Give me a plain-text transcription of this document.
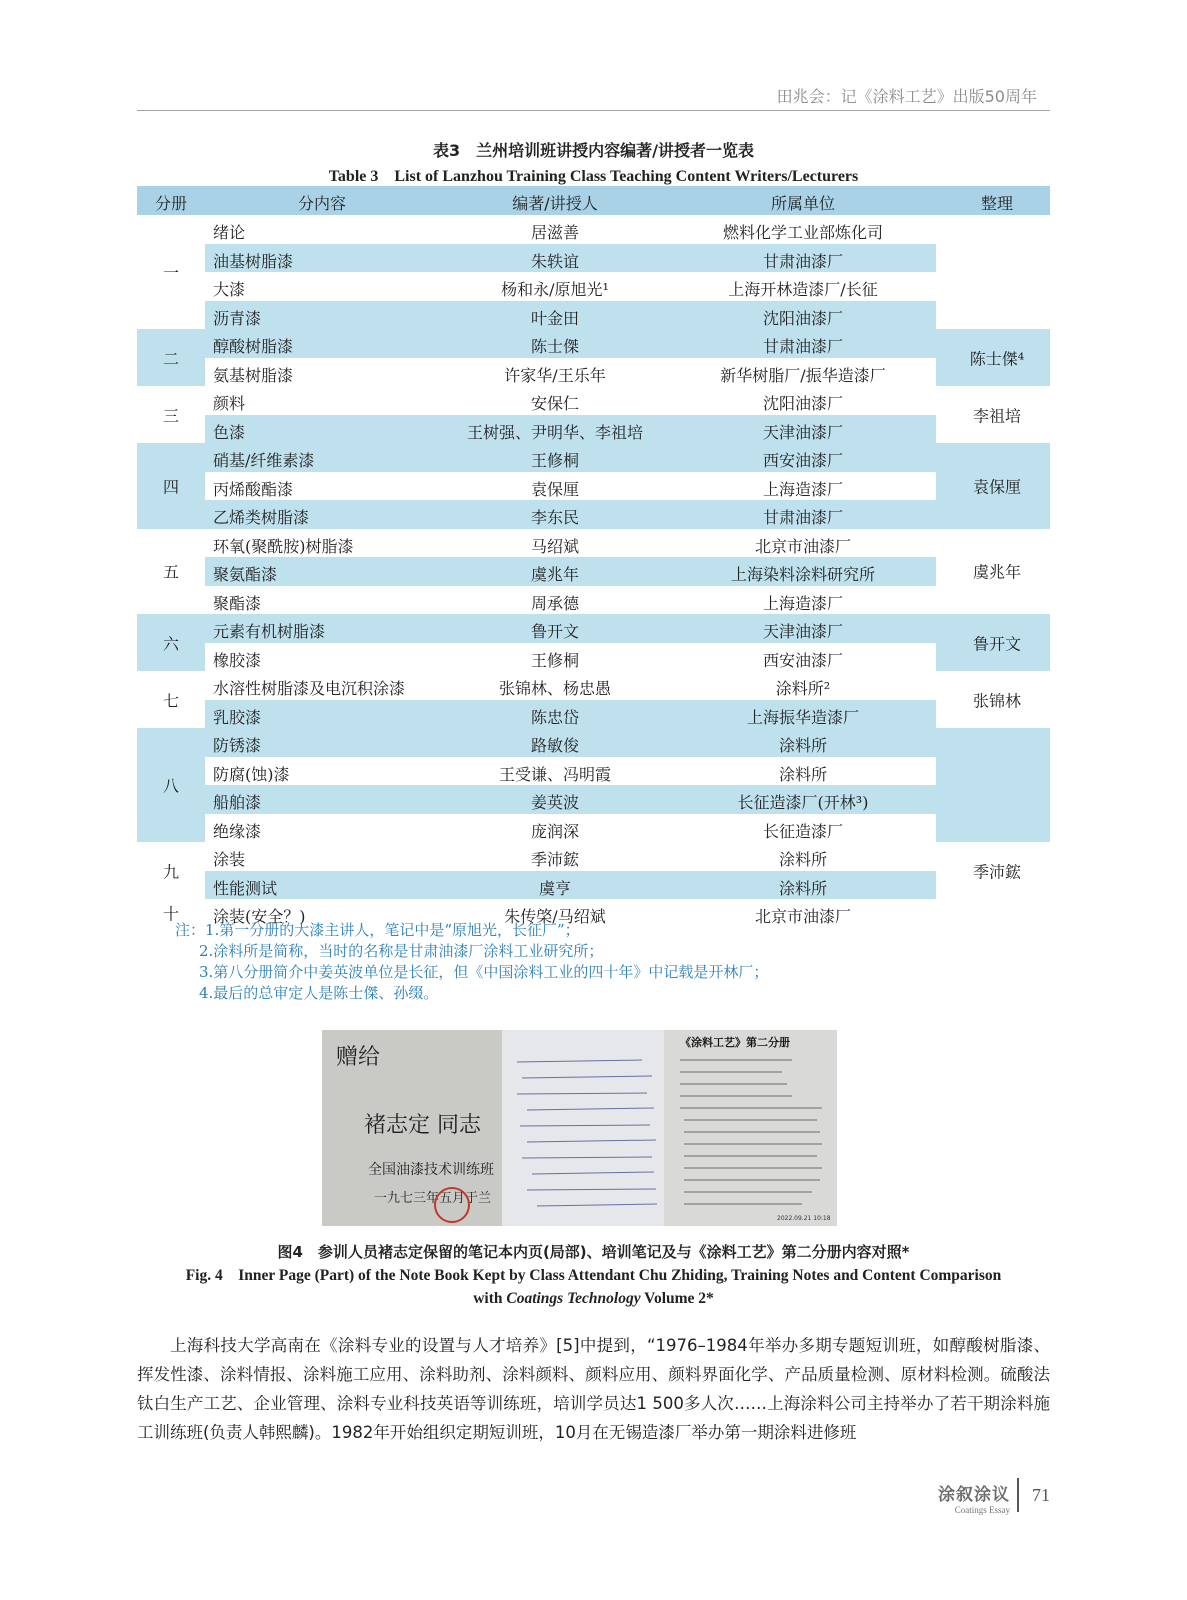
田兆会：记《涂料工艺》出版50周年
表3　兰州培训班讲授内容编著/讲授者一览表
Table 3　List of Lanzhou Training Class Teaching Content Writers/Lecturers
分册	分内容	编著/讲授人	所属单位	整理
绪论	居滋善	燃料化学工业部炼化司
油基树脂漆	朱轶谊	甘肃油漆厂
大漆	杨和永/原旭光¹	上海开林造漆厂/长征
沥青漆	叶金田	沈阳油漆厂
一
醇酸树脂漆	陈士傑	甘肃油漆厂
氨基树脂漆	许家华/王乐年	新华树脂厂/振华造漆厂
二	陈士傑⁴
颜料	安保仁	沈阳油漆厂
色漆	王树强、尹明华、李祖培	天津油漆厂
三	李祖培
硝基/纤维素漆	王修桐	西安油漆厂
丙烯酸酯漆	袁保厘	上海造漆厂
乙烯类树脂漆	李东民	甘肃油漆厂
四	袁保厘
环氧(聚酰胺)树脂漆	马绍斌	北京市油漆厂
聚氨酯漆	虞兆年	上海染料涂料研究所
聚酯漆	周承德	上海造漆厂
五	虞兆年
元素有机树脂漆	鲁开文	天津油漆厂
橡胶漆	王修桐	西安油漆厂
六	鲁开文
水溶性树脂漆及电沉积涂漆	张锦林、杨忠愚	涂料所²
乳胶漆	陈忠岱	上海振华造漆厂
七	张锦林
防锈漆	路敏俊	涂料所
防腐(蚀)漆	王受谦、冯明霞	涂料所
船舶漆	姜英波	长征造漆厂(开林³)
绝缘漆	庞润深	长征造漆厂
八
涂装	季沛鋐	涂料所
性能测试	虞亨	涂料所
九	季沛鋐
涂装(安全？)	朱传棨/马绍斌	北京市油漆厂
十
注：1.第一分册的大漆主讲人，笔记中是“原旭光，长征厂”；
2.涂料所是简称，当时的名称是甘肃油漆厂涂料工业研究所；
3.第八分册简介中姜英波单位是长征，但《中国涂料工业的四十年》中记载是开林厂；
4.最后的总审定人是陈士傑、孙缀。
赠给
褚志定 同志
全国油漆技术训练班
一九七三年五月于兰
《涂料工艺》第二分册
2022.09.21 10:18
图4　参训人员褚志定保留的笔记本内页(局部)、培训笔记及与《涂料工艺》第二分册内容对照*
Fig. 4　Inner Page (Part) of the Note Book Kept by Class Attendant Chu Zhiding, Training Notes and Content Comparison
with Coatings Technology Volume 2*

上海科技大学高南在《涂料专业的设置与人才培养》[5]中提到，“1976–1984年举办多期专题短训班，如醇酸树脂漆、挥发性漆、涂料情报、涂料施工应用、涂料助剂、涂料颜料、颜料应用、颜料界面化学、产品质量检测、原材料检测。硫酸法钛白生产工艺、企业管理、涂料专业科技英语等训练班，培训学员达1 500多人次……上海涂料公司主持举办了若干期涂料施工训练班(负责人韩熙麟)。1982年开始组织定期短训班，10月在无锡造漆厂举办第一期涂料进修班

涂叙涂议
Coatings Essay
71
